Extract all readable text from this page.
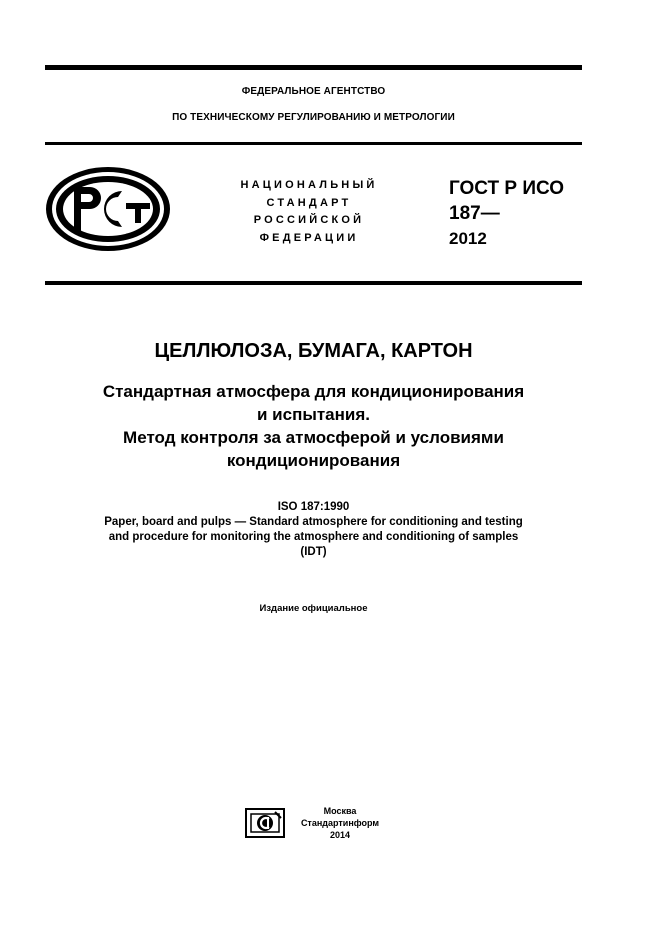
ФЕДЕРАЛЬНОЕ АГЕНТСТВО
ПО ТЕХНИЧЕСКОМУ РЕГУЛИРОВАНИЮ И МЕТРОЛОГИИ
НАЦИОНАЛЬНЫЙ
СТАНДАРТ
РОССИЙСКОЙ
ФЕДЕРАЦИИ
ГОСТ Р ИСО
187—
2012
ЦЕЛЛЮЛОЗА, БУМАГА, КАРТОН
Стандартная атмосфера для кондиционирования
и испытания.
Метод контроля за атмосферой и условиями
кондиционирования
ISO 187:1990
Paper, board and pulps — Standard atmosphere for conditioning and testing
and procedure for monitoring the atmosphere and conditioning of samples
(IDT)
Издание официальное
Москва
Стандартинформ
2014
